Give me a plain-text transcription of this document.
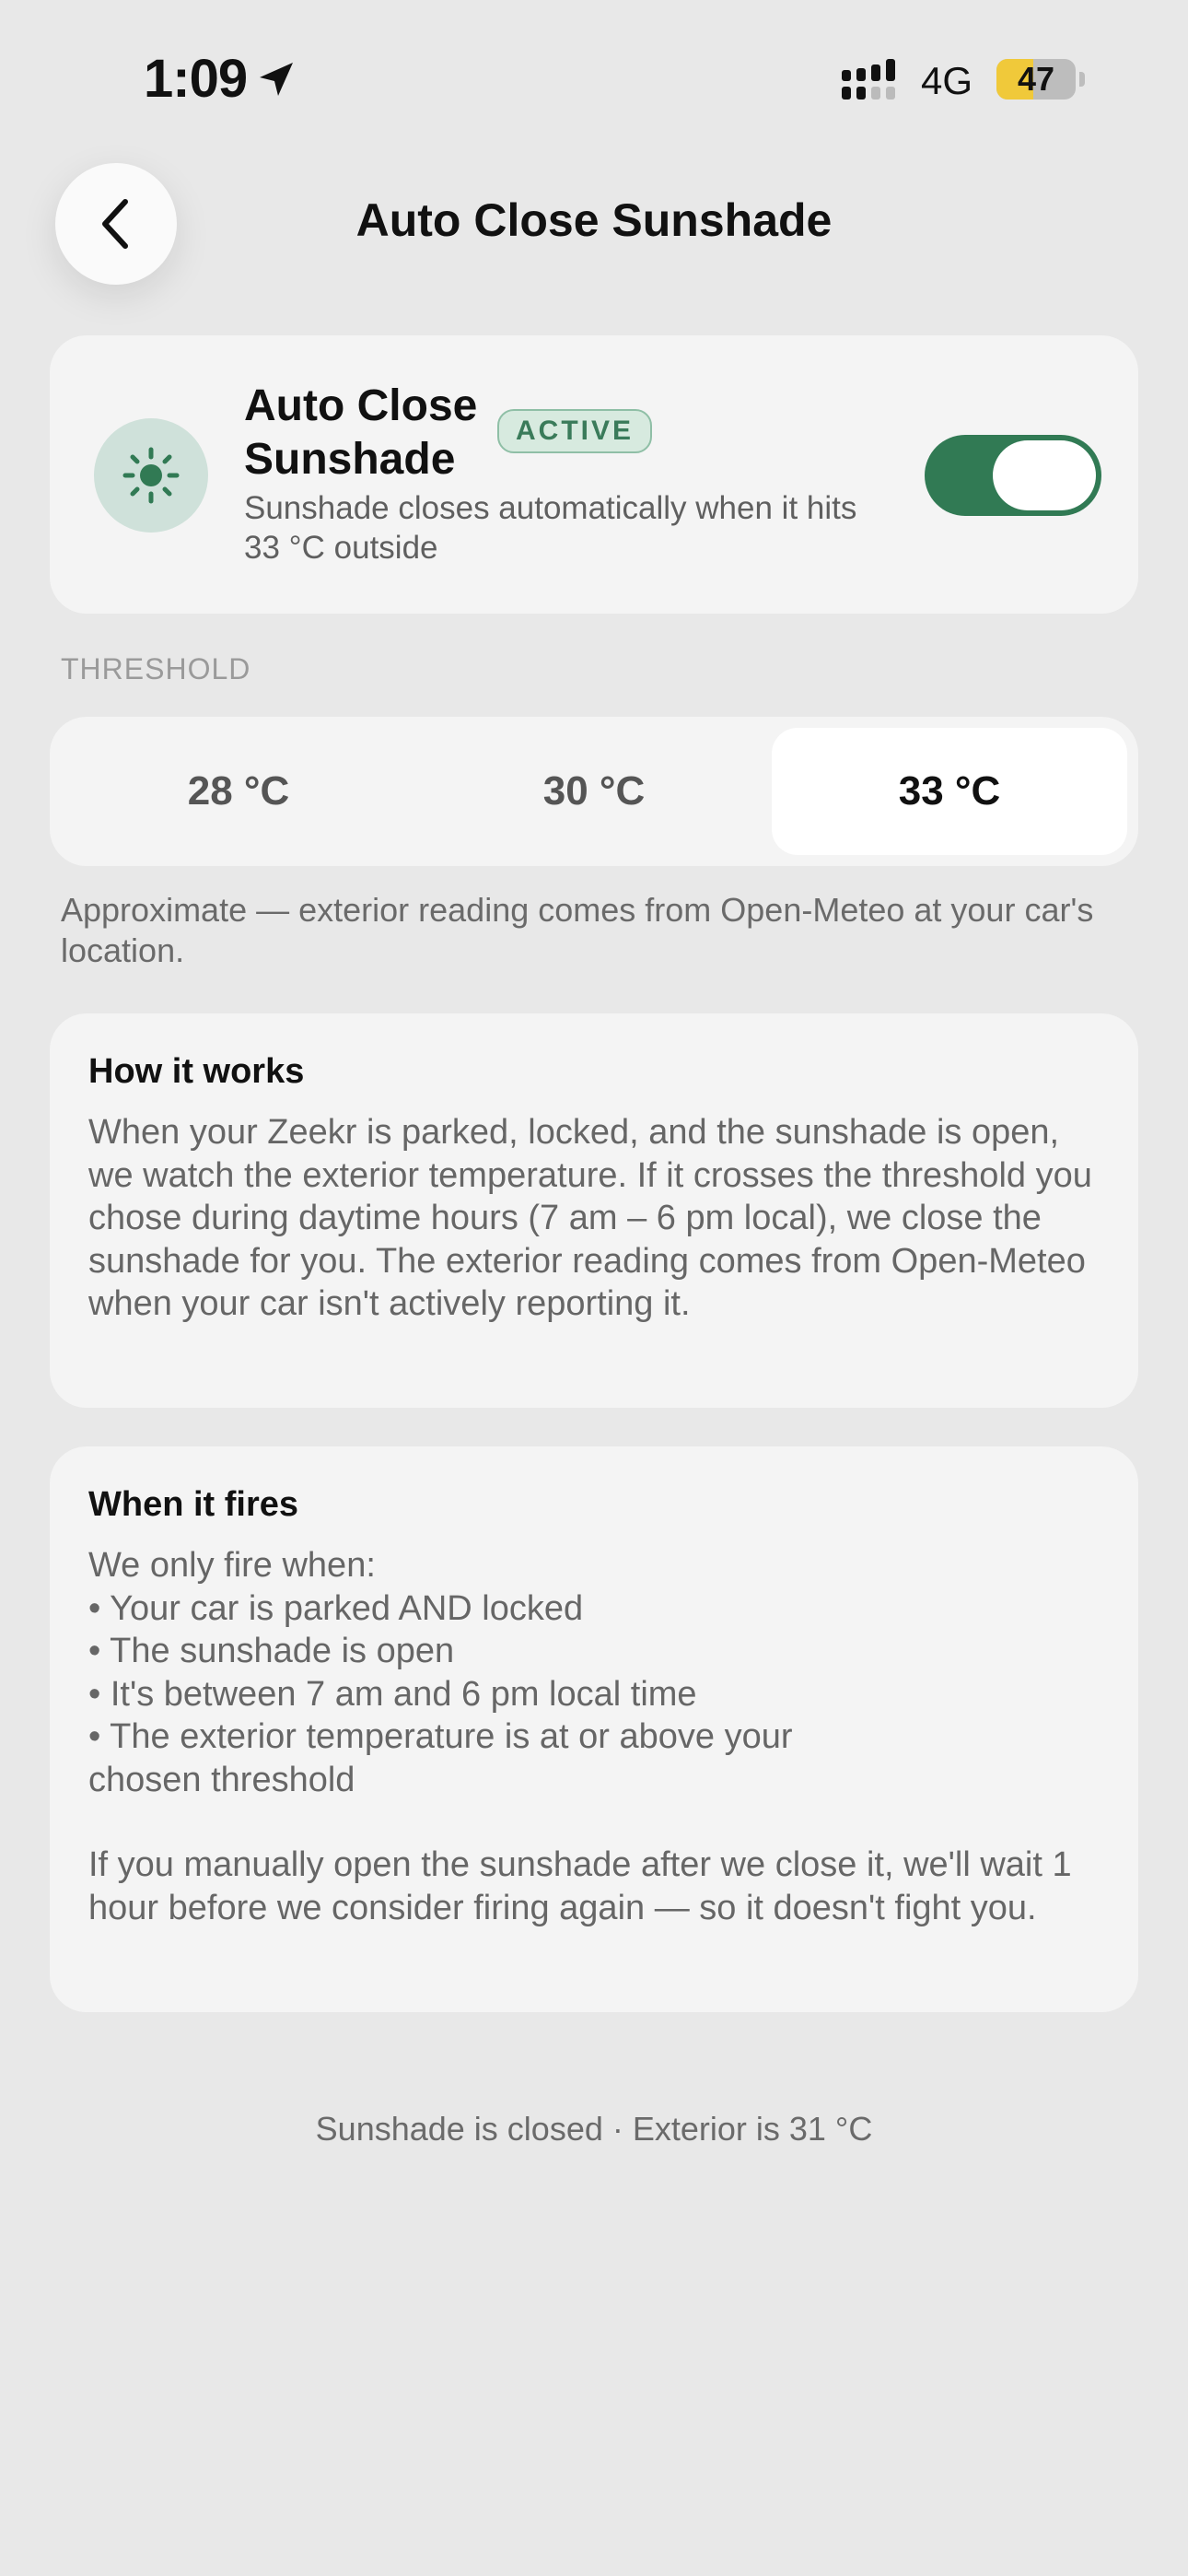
1:09	4G	47
Auto Close Sunshade
Auto Close Sunshade
ACTIVE
Sunshade closes automatically when it hits 33 °C outside
THRESHOLD
28 °C	30 °C	33 °C
Approximate — exterior reading comes from Open-Meteo at your car's location.
How it works
When your Zeekr is parked, locked, and the sunshade is open, we watch the exterior temperature. If it crosses the threshold you chose during daytime hours (7 am – 6 pm local), we close the sunshade for you. The exterior reading comes from Open-Meteo when your car isn't actively reporting it.
When it fires
We only fire when:
• Your car is parked AND locked
• The sunshade is open
• It's between 7 am and 6 pm local time
• The exterior temperature is at or above your chosen threshold
If you manually open the sunshade after we close it, we'll wait 1 hour before we consider firing again — so it doesn't fight you.
Sunshade is closed · Exterior is 31 °C
